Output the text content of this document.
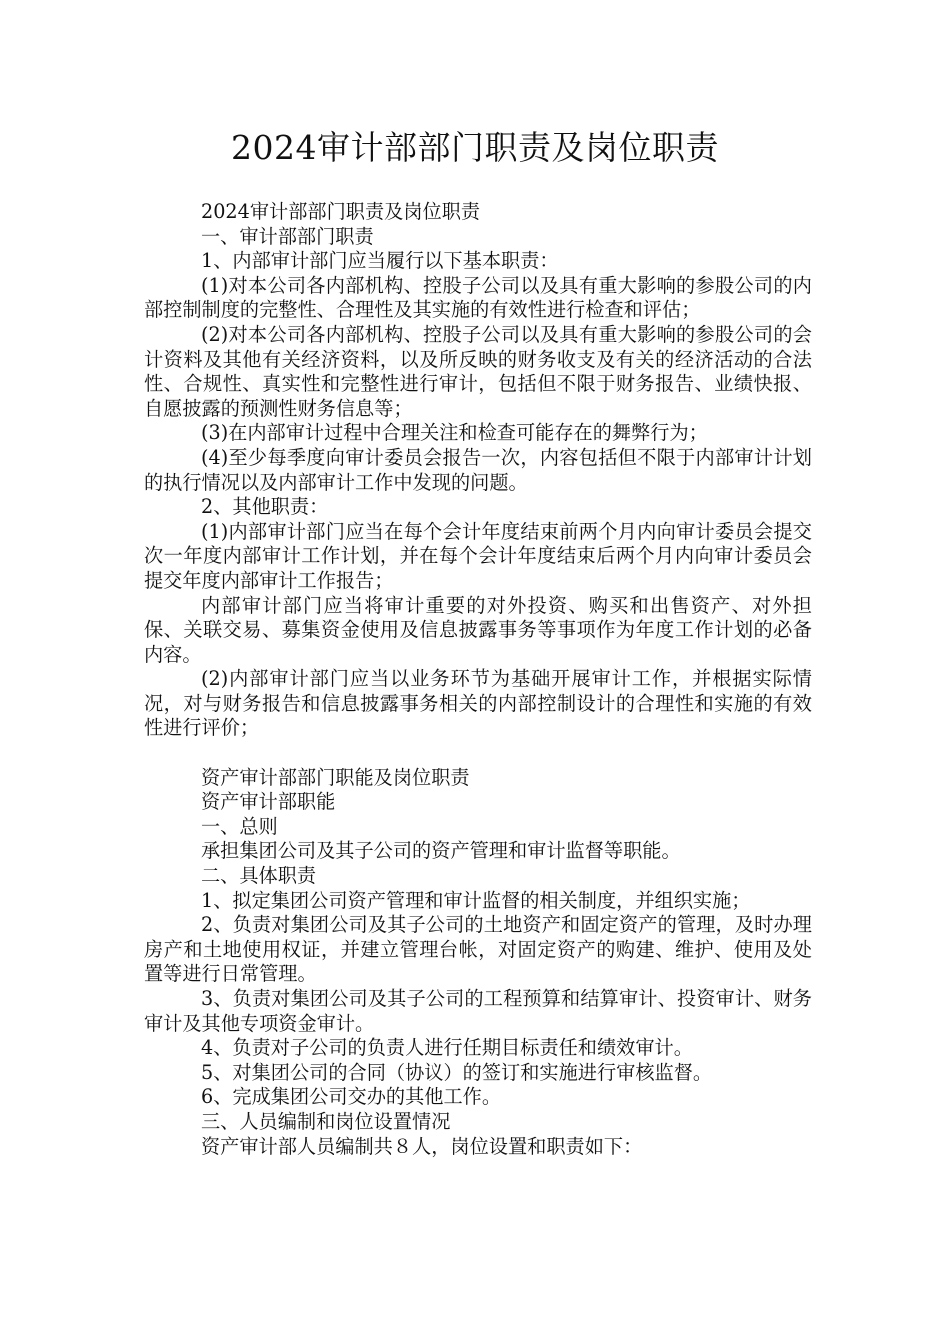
2024审计部部门职责及岗位职责

2024审计部部门职责及岗位职责

一、审计部部门职责

1、内部审计部门应当履行以下基本职责：

(1)对本公司各内部机构、控股子公司以及具有重大影响的参股公司的内部控制制度的完整性、合理性及其实施的有效性进行检查和评估；

(2)对本公司各内部机构、控股子公司以及具有重大影响的参股公司的会计资料及其他有关经济资料，以及所反映的财务收支及有关的经济活动的合法性、合规性、真实性和完整性进行审计，包括但不限于财务报告、业绩快报、自愿披露的预测性财务信息等；

(3)在内部审计过程中合理关注和检查可能存在的舞弊行为；

(4)至少每季度向审计委员会报告一次，内容包括但不限于内部审计计划的执行情况以及内部审计工作中发现的问题。

2、其他职责：

(1)内部审计部门应当在每个会计年度结束前两个月内向审计委员会提交次一年度内部审计工作计划，并在每个会计年度结束后两个月内向审计委员会提交年度内部审计工作报告；

内部审计部门应当将审计重要的对外投资、购买和出售资产、对外担保、关联交易、募集资金使用及信息披露事务等事项作为年度工作计划的必备内容。

(2)内部审计部门应当以业务环节为基础开展审计工作，并根据实际情况，对与财务报告和信息披露事务相关的内部控制设计的合理性和实施的有效性进行评价；

资产审计部部门职能及岗位职责

资产审计部职能

一、总则

承担集团公司及其子公司的资产管理和审计监督等职能。

二、具体职责

1、拟定集团公司资产管理和审计监督的相关制度，并组织实施；

2、负责对集团公司及其子公司的土地资产和固定资产的管理，及时办理房产和土地使用权证，并建立管理台帐，对固定资产的购建、维护、使用及处置等进行日常管理。

3、负责对集团公司及其子公司的工程预算和结算审计、投资审计、财务审计及其他专项资金审计。

4、负责对子公司的负责人进行任期目标责任和绩效审计。

5、对集团公司的合同（协议）的签订和实施进行审核监督。

6、完成集团公司交办的其他工作。

三、人员编制和岗位设置情况

资产审计部人员编制共８人，岗位设置和职责如下：
